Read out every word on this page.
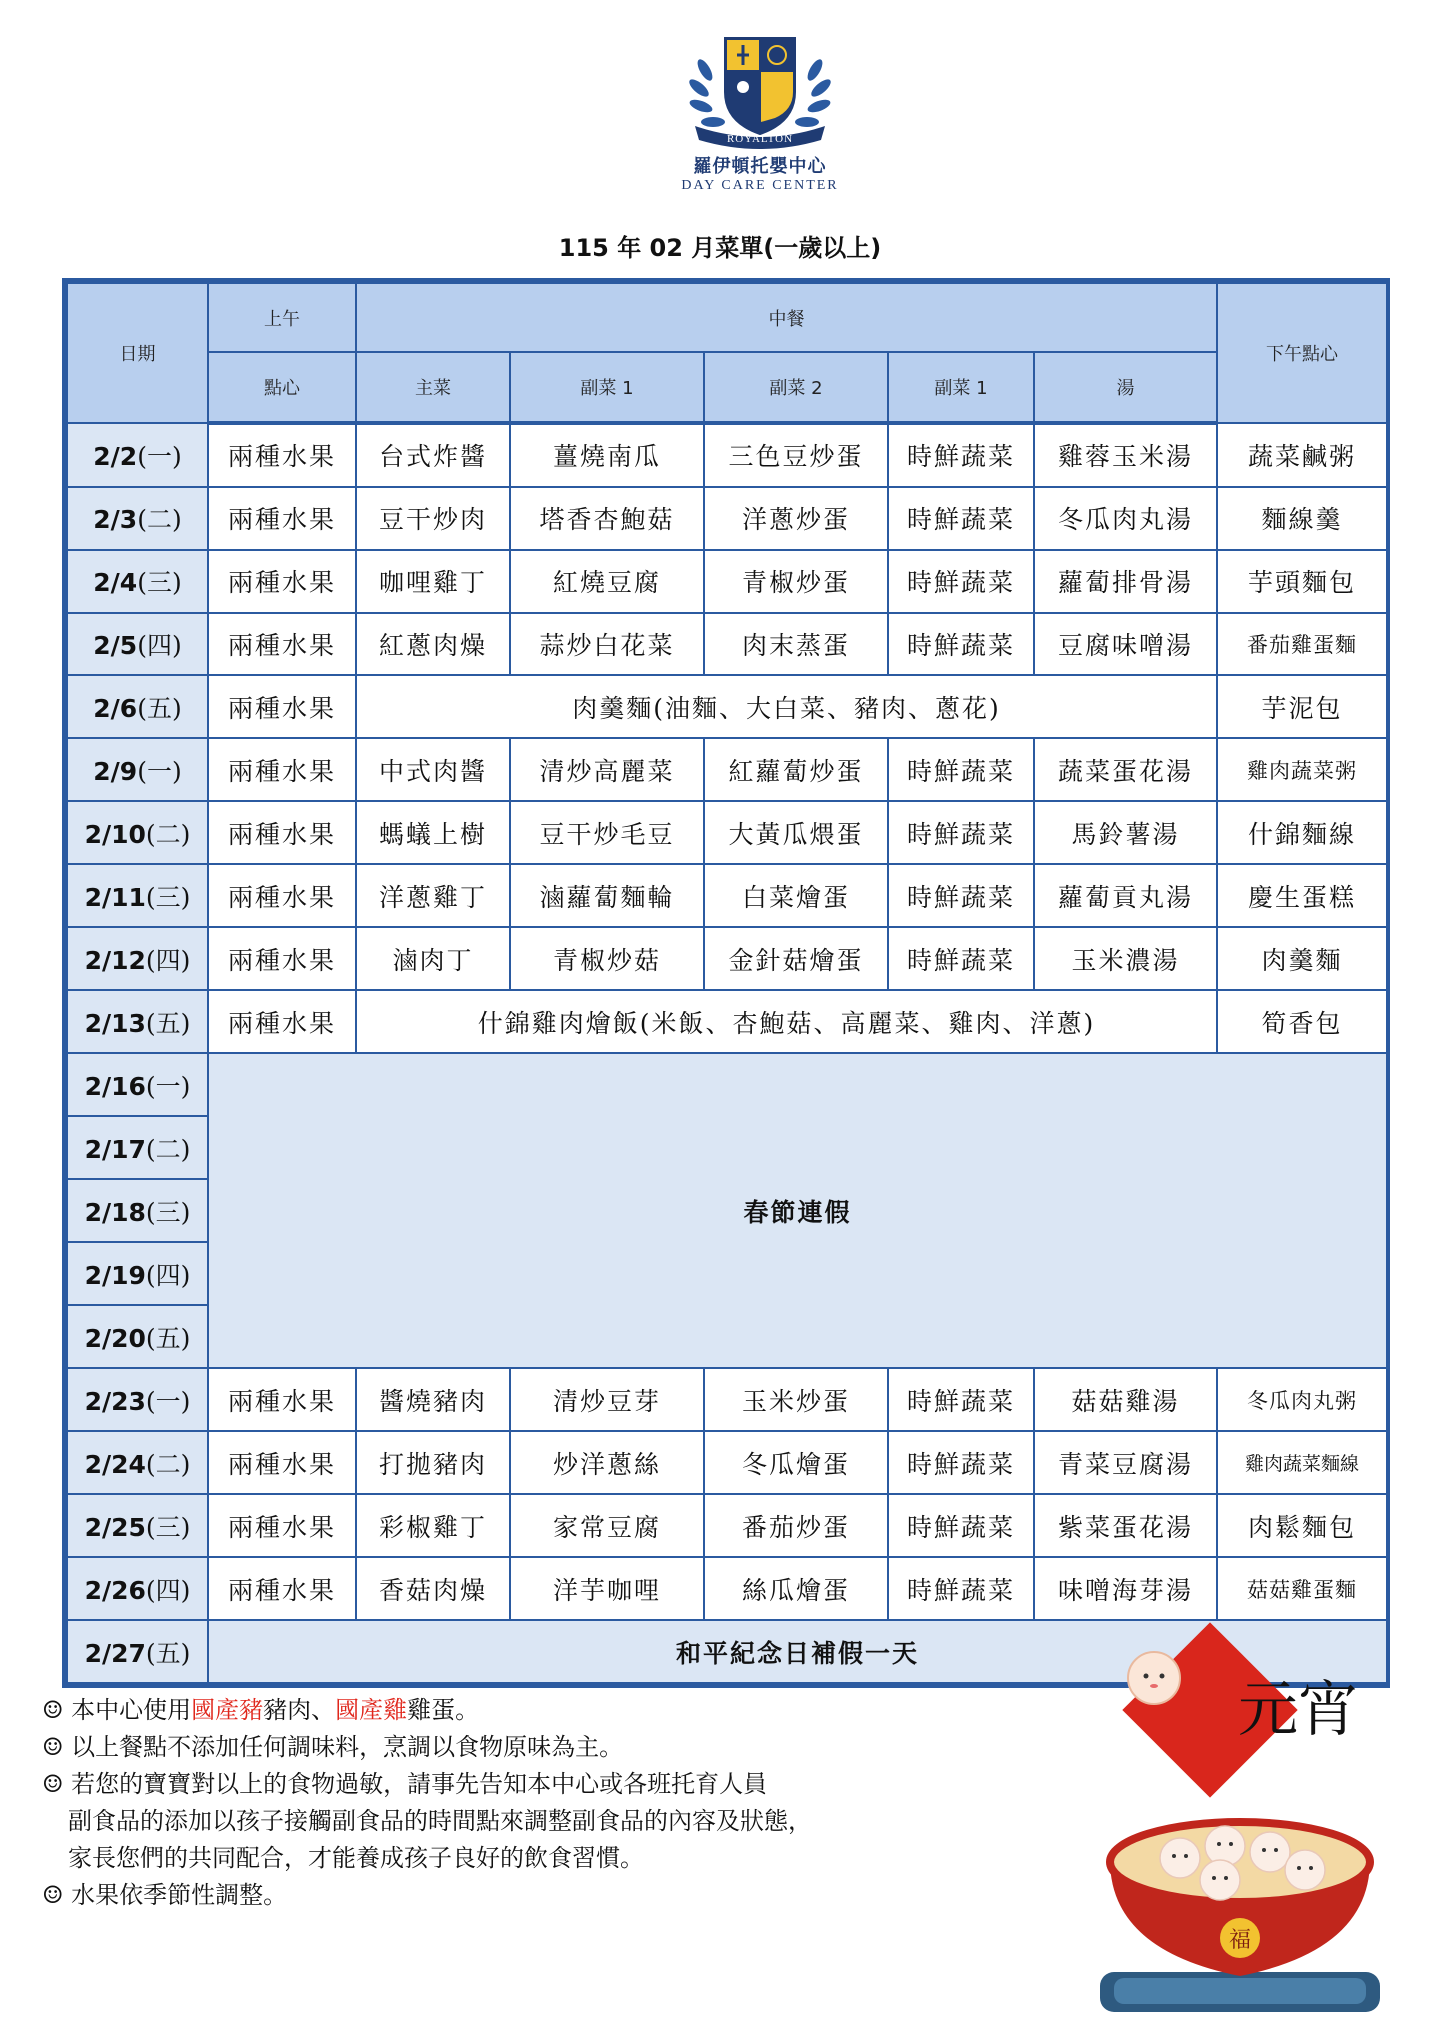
ROYALTON
羅伊頓托嬰中心
DAY CARE CENTER
115 年 02 月菜單(一歲以上)
日期	上午	中餐					下午點心
	點心	主菜	副菜 1	副菜 2	副菜 1	湯	
2/2(一)	兩種水果	台式炸醬	薑燒南瓜	三色豆炒蛋	時鮮蔬菜	雞蓉玉米湯	蔬菜鹹粥
2/3(二)	兩種水果	豆干炒肉	塔香杏鮑菇	洋蔥炒蛋	時鮮蔬菜	冬瓜肉丸湯	麵線羹
2/4(三)	兩種水果	咖哩雞丁	紅燒豆腐	青椒炒蛋	時鮮蔬菜	蘿蔔排骨湯	芋頭麵包
2/5(四)	兩種水果	紅蔥肉燥	蒜炒白花菜	肉末蒸蛋	時鮮蔬菜	豆腐味噌湯	番茄雞蛋麵
2/6(五)	兩種水果	肉羹麵(油麵、大白菜、豬肉、蔥花)					芋泥包
2/9(一)	兩種水果	中式肉醬	清炒高麗菜	紅蘿蔔炒蛋	時鮮蔬菜	蔬菜蛋花湯	雞肉蔬菜粥
2/10(二)	兩種水果	螞蟻上樹	豆干炒毛豆	大黃瓜煨蛋	時鮮蔬菜	馬鈴薯湯	什錦麵線
2/11(三)	兩種水果	洋蔥雞丁	滷蘿蔔麵輪	白菜燴蛋	時鮮蔬菜	蘿蔔貢丸湯	慶生蛋糕
2/12(四)	兩種水果	滷肉丁	青椒炒菇	金針菇燴蛋	時鮮蔬菜	玉米濃湯	肉羹麵
2/13(五)	兩種水果	什錦雞肉燴飯(米飯、杏鮑菇、高麗菜、雞肉、洋蔥)					筍香包
2/16(一)	春節連假						
2/17(二)							
2/18(三)							
2/19(四)							
2/20(五)							
2/23(一)	兩種水果	醬燒豬肉	清炒豆芽	玉米炒蛋	時鮮蔬菜	菇菇雞湯	冬瓜肉丸粥
2/24(二)	兩種水果	打拋豬肉	炒洋蔥絲	冬瓜燴蛋	時鮮蔬菜	青菜豆腐湯	雞肉蔬菜麵線
2/25(三)	兩種水果	彩椒雞丁	家常豆腐	番茄炒蛋	時鮮蔬菜	紫菜蛋花湯	肉鬆麵包
2/26(四)	兩種水果	香菇肉燥	洋芋咖哩	絲瓜燴蛋	時鮮蔬菜	味噌海芽湯	菇菇雞蛋麵
2/27(五)	和平紀念日補假一天						
☺ 本中心使用國產豬豬肉、國產雞雞蛋。
☺ 以上餐點不添加任何調味料，烹調以食物原味為主。
☺ 若您的寶寶對以上的食物過敏，請事先告知本中心或各班托育人員
副食品的添加以孩子接觸副食品的時間點來調整副食品的內容及狀態，
家長您們的共同配合，才能養成孩子良好的飲食習慣。
☺ 水果依季節性調整。
元宵
福
